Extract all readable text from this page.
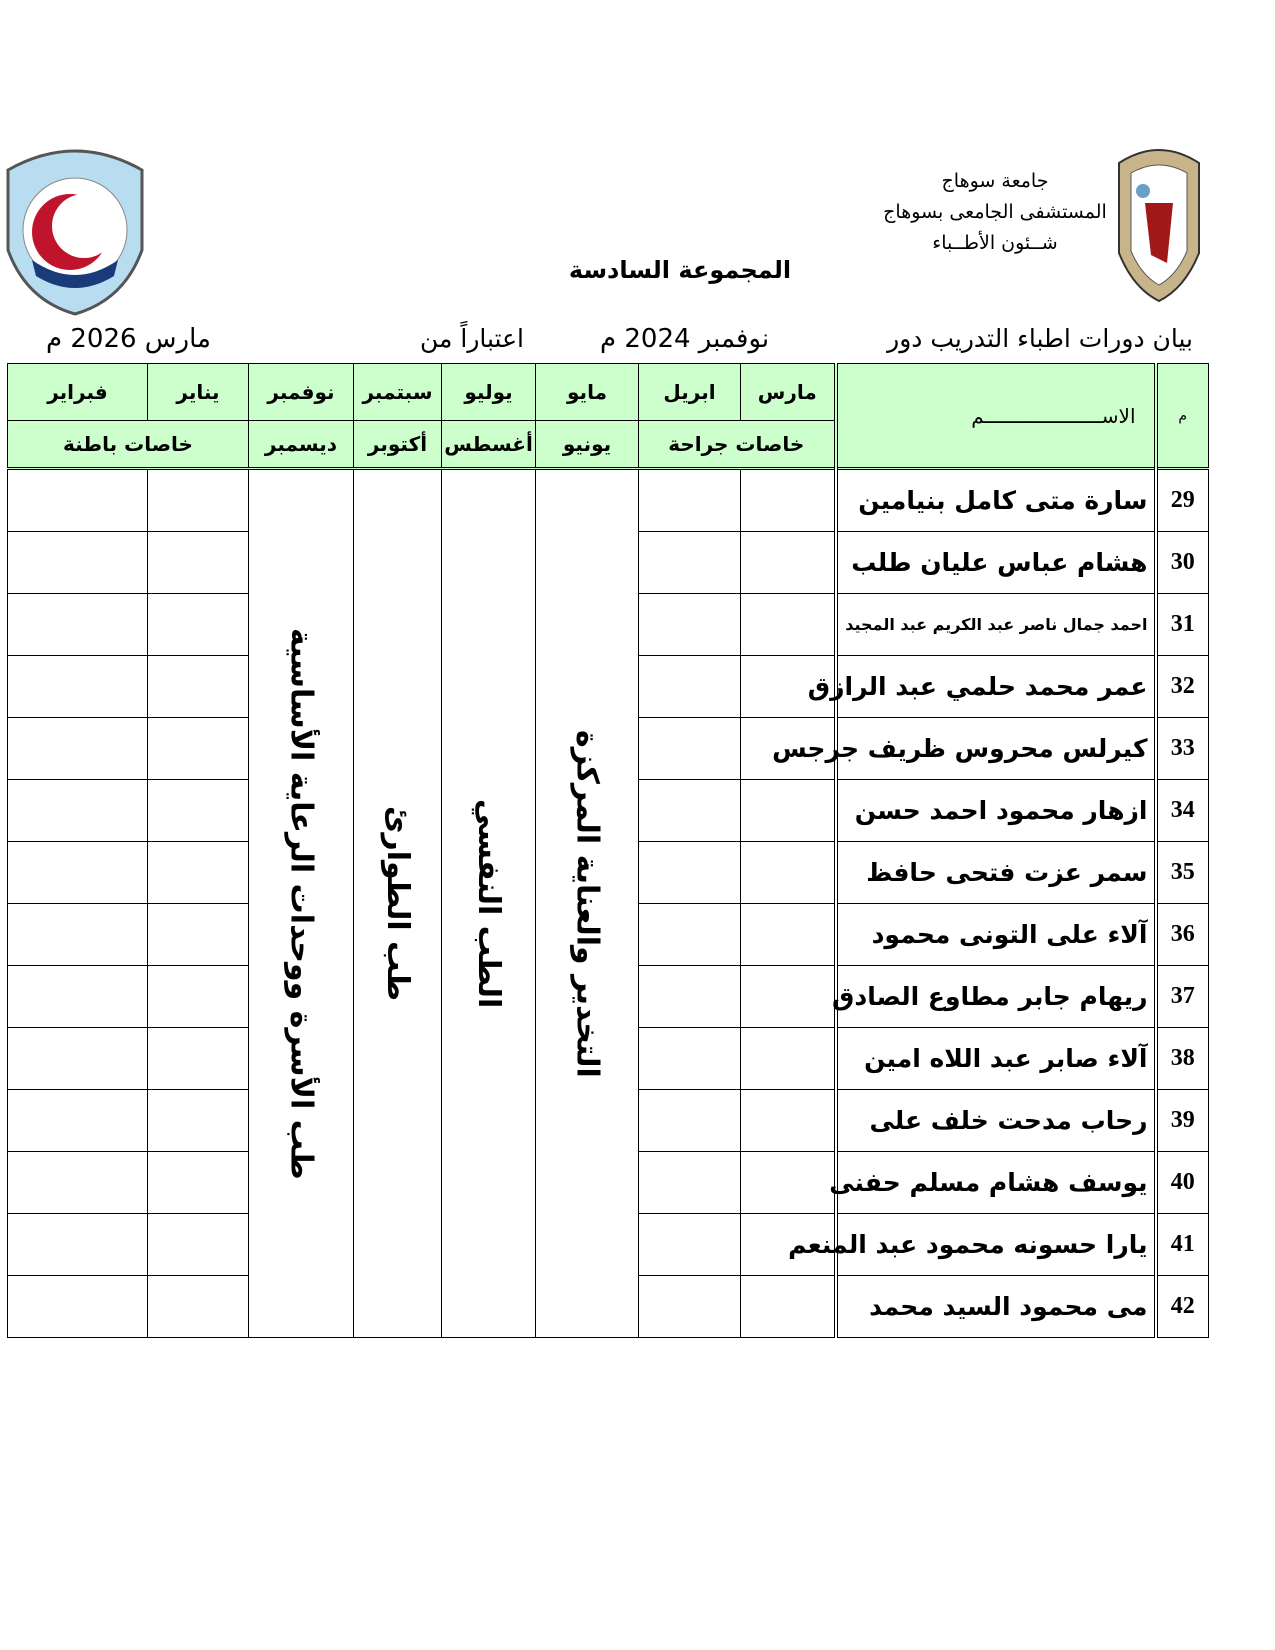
جامعة سوهاج
المستشفى الجامعى بسوهاج
شــئون الأطــباء
المجموعة السادسة
بيان دورات اطباء التدريب دور
نوفمبر 2024 م
اعتباراً من
مارس 2026 م
م	الاســــــــــــــــــــم	مارس	ابريل	مايو	يوليو	سبتمبر	نوفمبر	يناير	فبراير
		خاصات جراحة		يونيو	أغسطس	أكتوبر	ديسمبر	خاصات باطنة	
29	سارة متى كامل بنيامين			التخدير والعناية المركزة	الطب النفسي	طب الطوارئ	طب الأسرة ووحدات الرعاية الأساسية		

30	هشام عباس عليان طلب								
31	احمد جمال ناصر عبد الكريم عبد المجيد								
32	عمر محمد حلمي عبد الرازق								
33	كيرلس محروس ظريف جرجس								
34	ازهار محمود احمد حسن								
35	سمر عزت فتحى حافظ								
36	آلاء على التونى محمود								
37	ريهام جابر مطاوع الصادق								
38	آلاء صابر عبد اللاه امين								
39	رحاب مدحت خلف على								
40	يوسف هشام مسلم حفنى								
41	يارا حسونه محمود عبد المنعم								
42	مى محمود السيد محمد								
